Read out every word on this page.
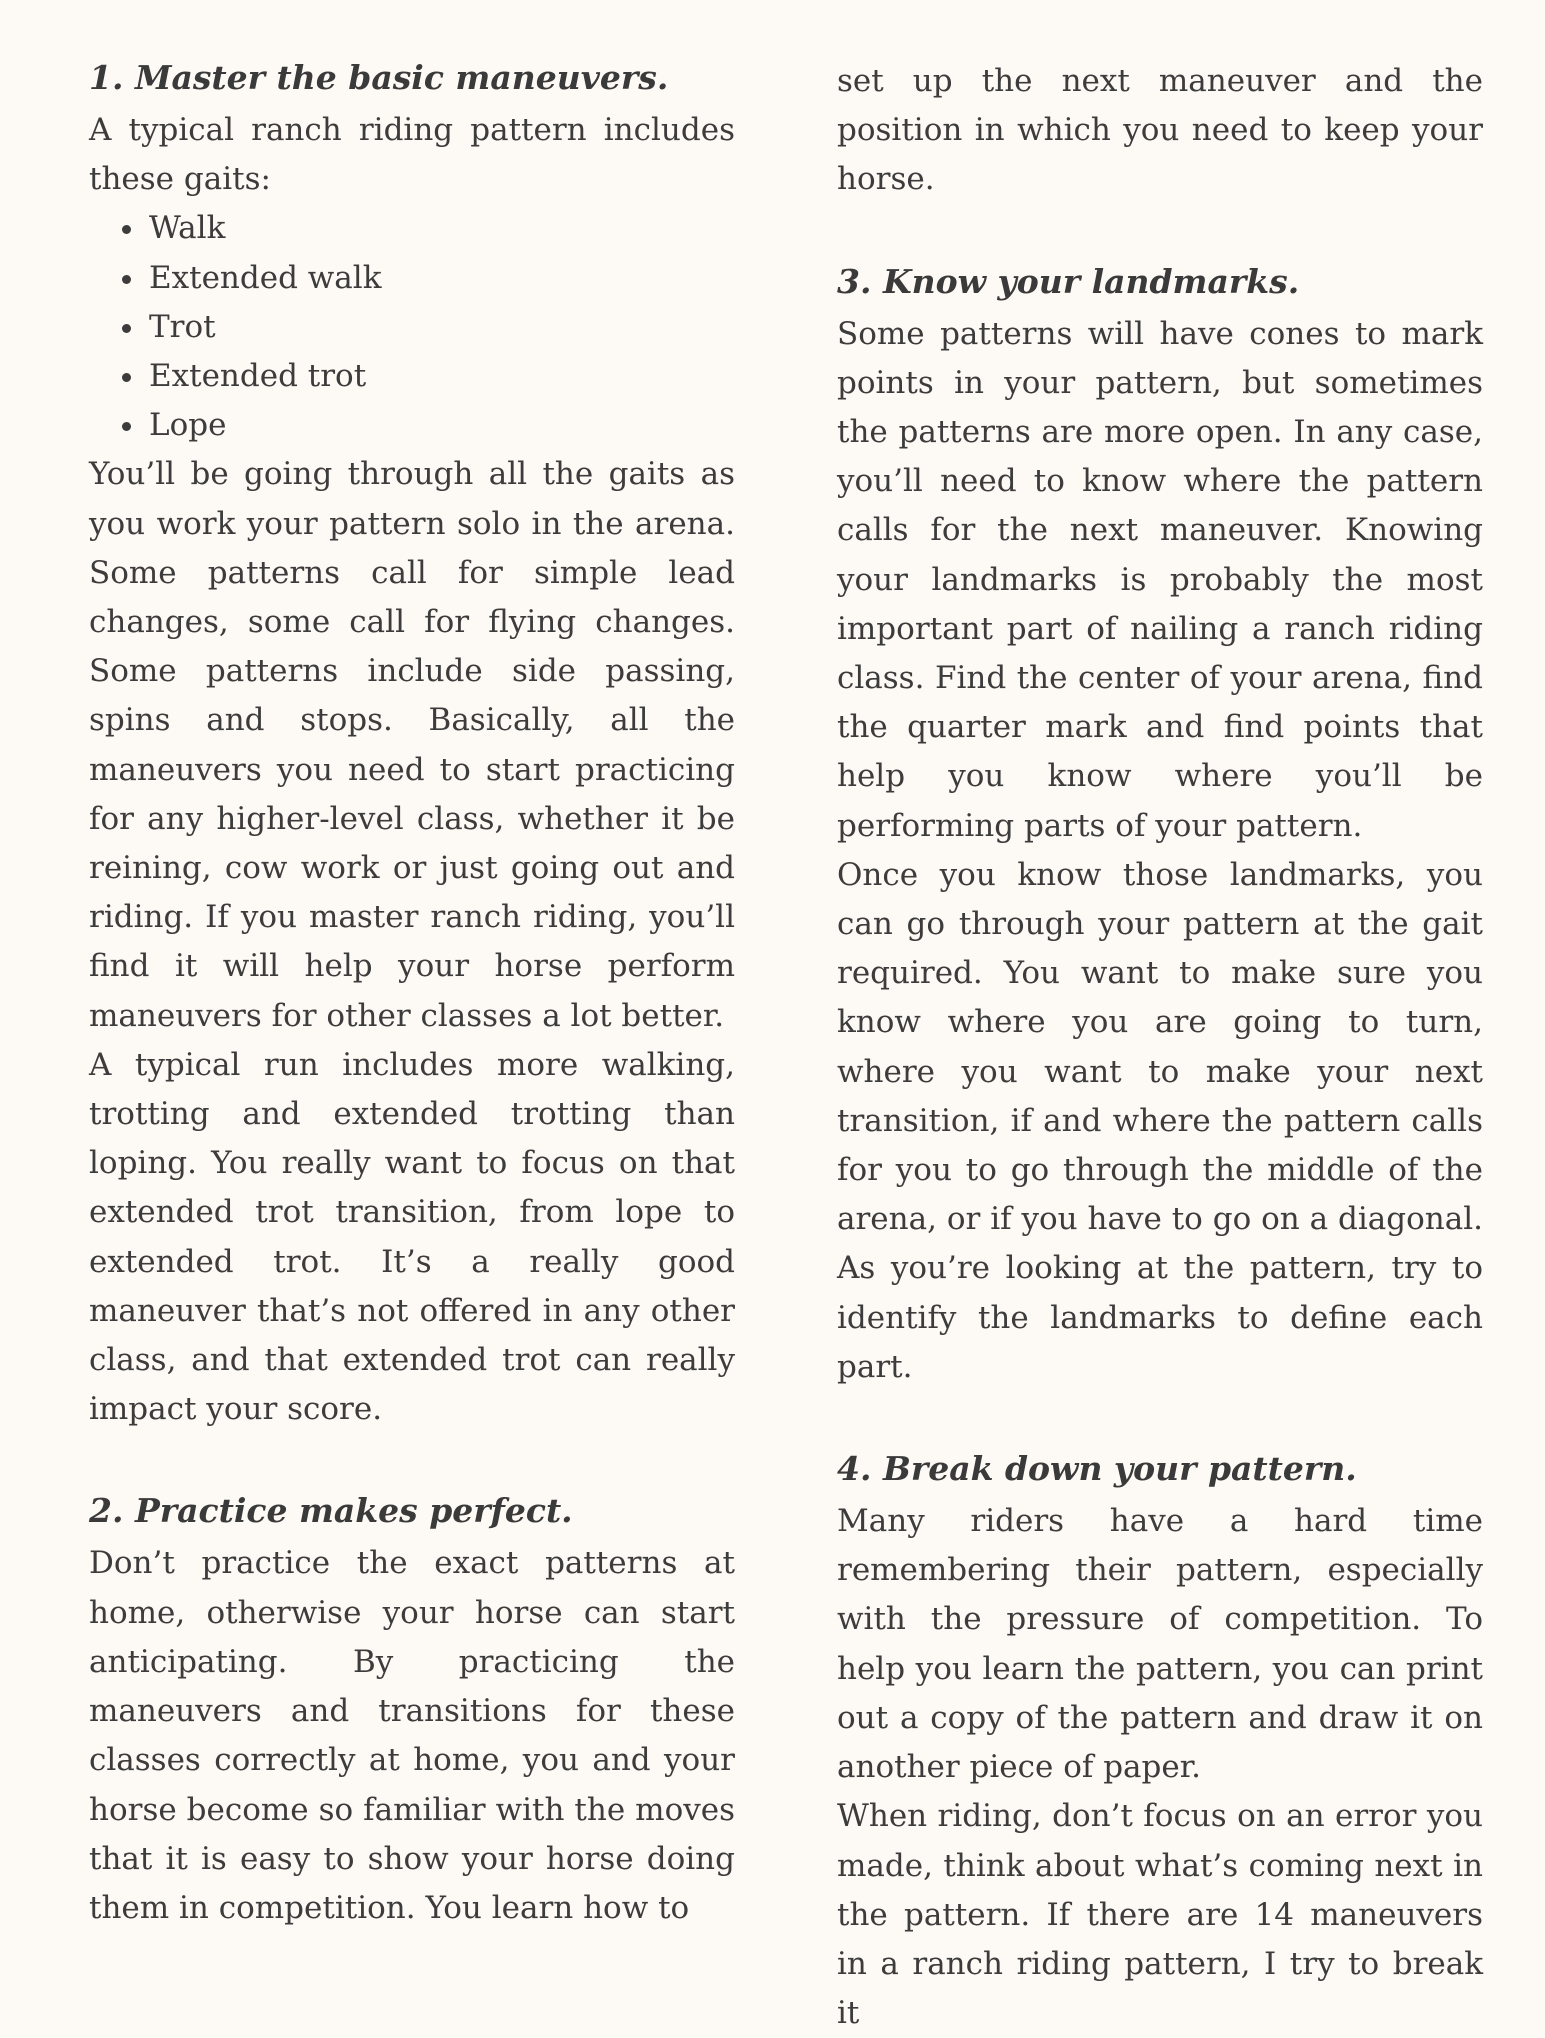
1. Master the basic maneuvers.

A typical ranch riding pattern includes these gaits:

• Walk
• Extended walk
• Trot
• Extended trot
• Lope

You’ll be going through all the gaits as you work your pattern solo in the arena. Some patterns call for simple lead changes, some call for flying changes. Some patterns include side passing, spins and stops. Basically, all the maneuvers you need to start practicing for any higher-level class, whether it be reining, cow work or just going out and riding. If you master ranch riding, you’ll find it will help your horse perform maneuvers for other classes a lot better.

A typical run includes more walking, trotting and extended trotting than loping. You really want to focus on that extended trot transition, from lope to extended trot. It’s a really good maneuver that’s not offered in any other class, and that extended trot can really impact your score.

2. Practice makes perfect.

Don’t practice the exact patterns at home, otherwise your horse can start anticipating. By practicing the maneuvers and transitions for these classes correctly at home, you and your horse become so familiar with the moves that it is easy to show your horse doing them in competition. You learn how to

set up the next maneuver and the position in which you need to keep your horse.

3. Know your landmarks.

Some patterns will have cones to mark points in your pattern, but sometimes the patterns are more open. In any case, you’ll need to know where the pattern calls for the next maneuver. Knowing your landmarks is probably the most important part of nailing a ranch riding class. Find the center of your arena, find the quarter mark and find points that help you know where you’ll be performing parts of your pattern.

Once you know those landmarks, you can go through your pattern at the gait required. You want to make sure you know where you are going to turn, where you want to make your next transition, if and where the pattern calls for you to go through the middle of the arena, or if you have to go on a diagonal. As you’re looking at the pattern, try to identify the landmarks to define each part.

4. Break down your pattern.

Many riders have a hard time remembering their pattern, especially with the pressure of competition. To help you learn the pattern, you can print out a copy of the pattern and draw it on another piece of paper.

When riding, don’t focus on an error you made, think about what’s coming next in the pattern. If there are 14 maneuvers in a ranch riding pattern, I try to break it
